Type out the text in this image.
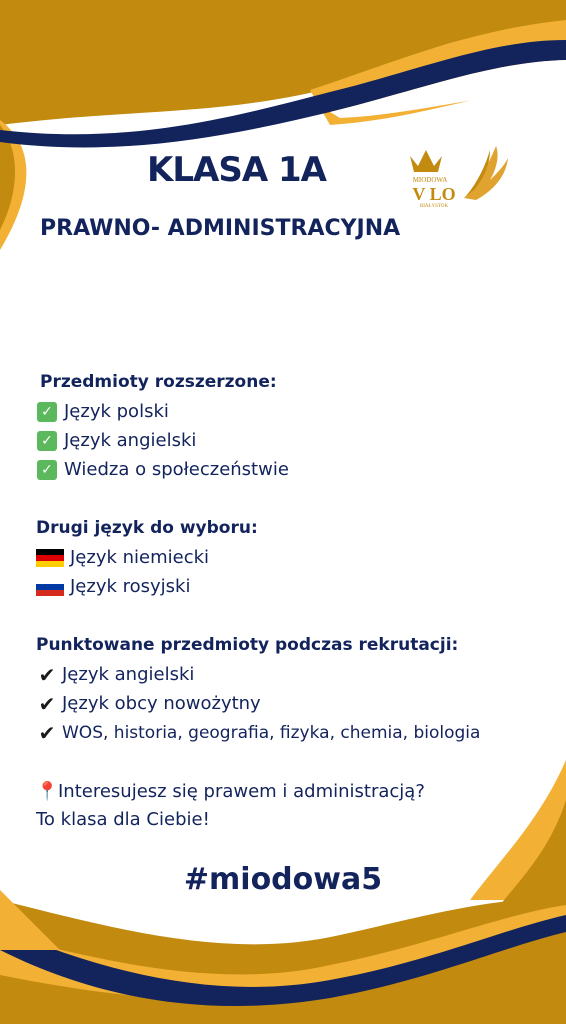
KLASA 1A	MIODOWA
V LO
BIAŁYSTOK
PRAWNO- ADMINISTRACYJNA
Przedmioty rozszerzone:
✓ Język polski
✓ Język angielski
✓ Wiedza o społeczeństwie
Drugi język do wyboru:
Język niemiecki
Język rosyjski
Punktowane przedmioty podczas rekrutacji:
✔ Język angielski
✔ Język obcy nowożytny
✔ WOS, historia, geografia, fizyka, chemia, biologia
📍Interesujesz się prawem i administracją?
To klasa dla Ciebie!
#miodowa5
